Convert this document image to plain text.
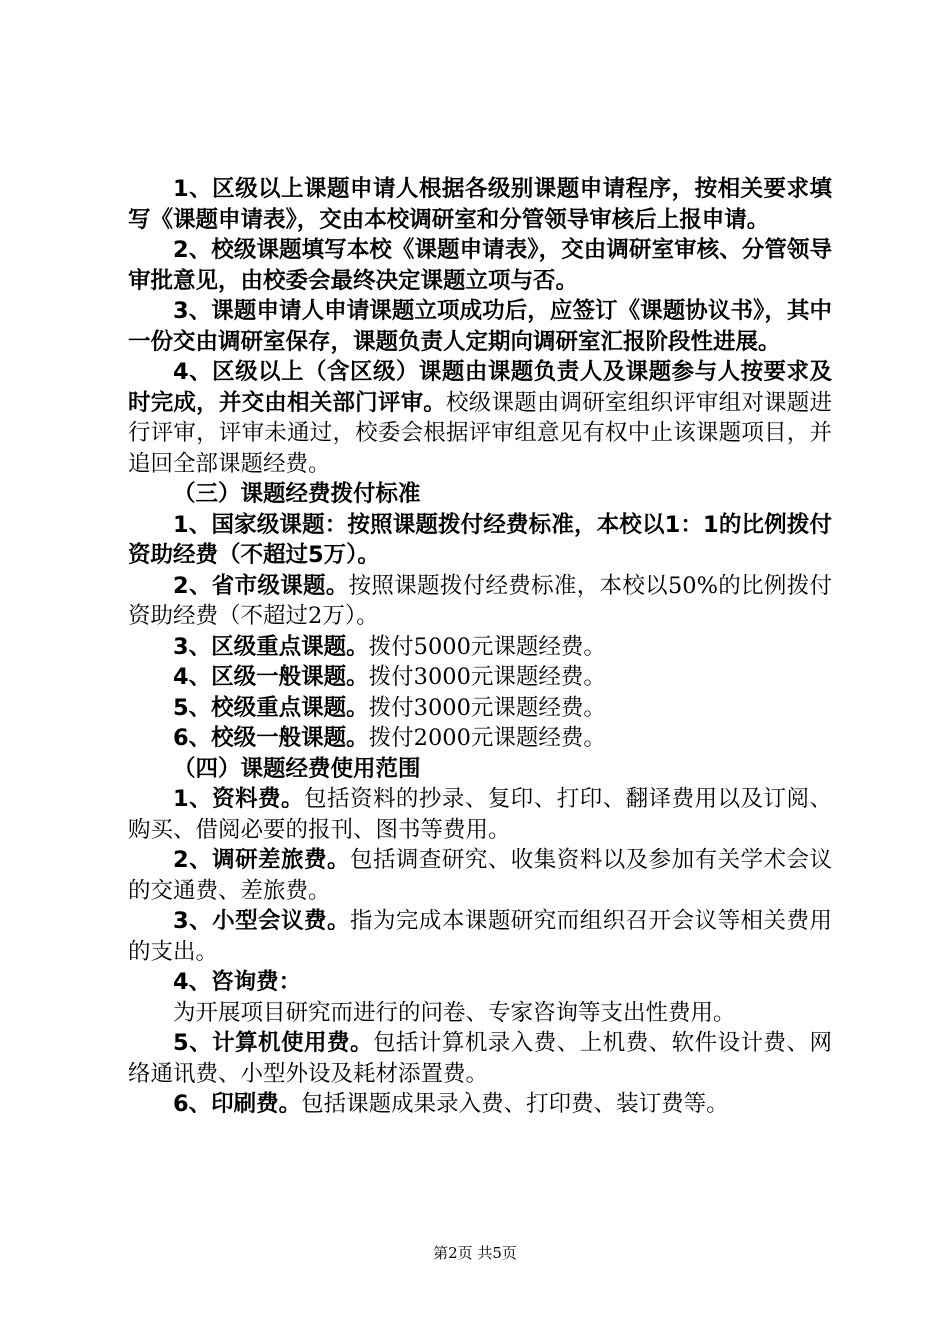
1、区级以上课题申请人根据各级别课题申请程序，按相关要求填写《课题申请表》，交由本校调研室和分管领导审核后上报申请。

2、校级课题填写本校《课题申请表》，交由调研室审核、分管领导审批意见，由校委会最终决定课题立项与否。

3、课题申请人申请课题立项成功后，应签订《课题协议书》，其中一份交由调研室保存，课题负责人定期向调研室汇报阶段性进展。

4、区级以上（含区级）课题由课题负责人及课题参与人按要求及时完成，并交由相关部门评审。校级课题由调研室组织评审组对课题进行评审，评审未通过，校委会根据评审组意见有权中止该课题项目，并追回全部课题经费。

（三）课题经费拨付标准

1、国家级课题：按照课题拨付经费标准，本校以1：1的比例拨付资助经费（不超过5万）。

2、省市级课题。按照课题拨付经费标准，本校以50%的比例拨付资助经费（不超过2万）。

3、区级重点课题。拨付5000元课题经费。

4、区级一般课题。拨付3000元课题经费。

5、校级重点课题。拨付3000元课题经费。

6、校级一般课题。拨付2000元课题经费。

（四）课题经费使用范围

1、资料费。包括资料的抄录、复印、打印、翻译费用以及订阅、购买、借阅必要的报刊、图书等费用。

2、调研差旅费。包括调查研究、收集资料以及参加有关学术会议的交通费、差旅费。

3、小型会议费。指为完成本课题研究而组织召开会议等相关费用的支出。

4、咨询费：

为开展项目研究而进行的问卷、专家咨询等支出性费用。

5、计算机使用费。包括计算机录入费、上机费、软件设计费、网络通讯费、小型外设及耗材添置费。

6、印刷费。包括课题成果录入费、打印费、装订费等。

第2页 共5页
